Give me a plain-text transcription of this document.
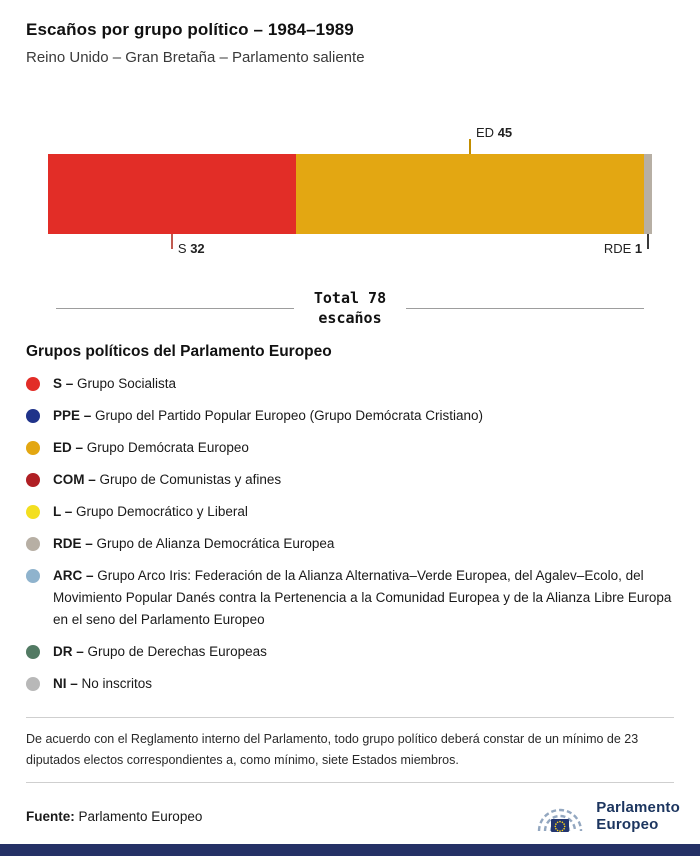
Escaños por grupo político – 1984–1989
Reino Unido – Gran Bretaña – Parlamento saliente
ED 45
S 32	RDE 1
Total 78
escaños
Grupos políticos del Parlamento Europeo
S – Grupo Socialista
PPE – Grupo del Partido Popular Europeo (Grupo Demócrata Cristiano)
ED – Grupo Demócrata Europeo
COM – Grupo de Comunistas y afines
L – Grupo Democrático y Liberal
RDE – Grupo de Alianza Democrática Europea
ARC – Grupo Arco Iris: Federación de la Alianza Alternativa–Verde Europea, del Agalev–Ecolo, del Movimiento Popular Danés contra la Pertenencia a la Comunidad Europea y de la Alianza Libre Europa en el seno del Parlamento Europeo
DR – Grupo de Derechas Europeas
NI – No inscritos
De acuerdo con el Reglamento interno del Parlamento, todo grupo político deberá constar de un mínimo de 23 diputados electos correspondientes a, como mínimo, siete Estados miembros.
Fuente: Parlamento Europeo
Parlamento
Europeo
